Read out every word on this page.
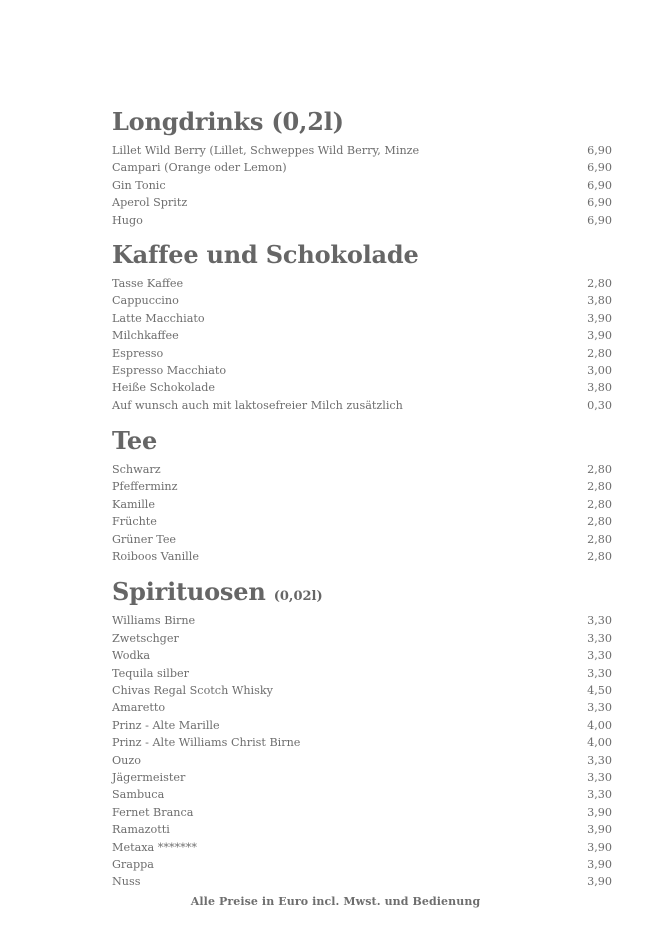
Longdrinks (0,2l)
Lillet Wild Berry (Lillet, Schweppes Wild Berry, Minze	6,90
Campari (Orange oder Lemon)	6,90
Gin Tonic	6,90
Aperol Spritz	6,90
Hugo	6,90
Kaffee und Schokolade
Tasse Kaffee	2,80
Cappuccino	3,80
Latte Macchiato	3,90
Milchkaffee	3,90
Espresso	2,80
Espresso Macchiato	3,00
Heiße Schokolade	3,80
Auf wunsch auch mit laktosefreier Milch zusätzlich	0,30
Tee
Schwarz	2,80
Pfefferminz	2,80
Kamille	2,80
Früchte	2,80
Grüner Tee	2,80
Roiboos Vanille	2,80
Spirituosen (0,02l)
Williams Birne	3,30
Zwetschger	3,30
Wodka	3,30
Tequila silber	3,30
Chivas Regal Scotch Whisky	4,50
Amaretto	3,30
Prinz - Alte Marille	4,00
Prinz - Alte Williams Christ Birne	4,00
Ouzo	3,30
Jägermeister	3,30
Sambuca	3,30
Fernet Branca	3,90
Ramazotti	3,90
Metaxa *******	3,90
Grappa	3,90
Nuss	3,90
Alle Preise in Euro incl. Mwst. und Bedienung
